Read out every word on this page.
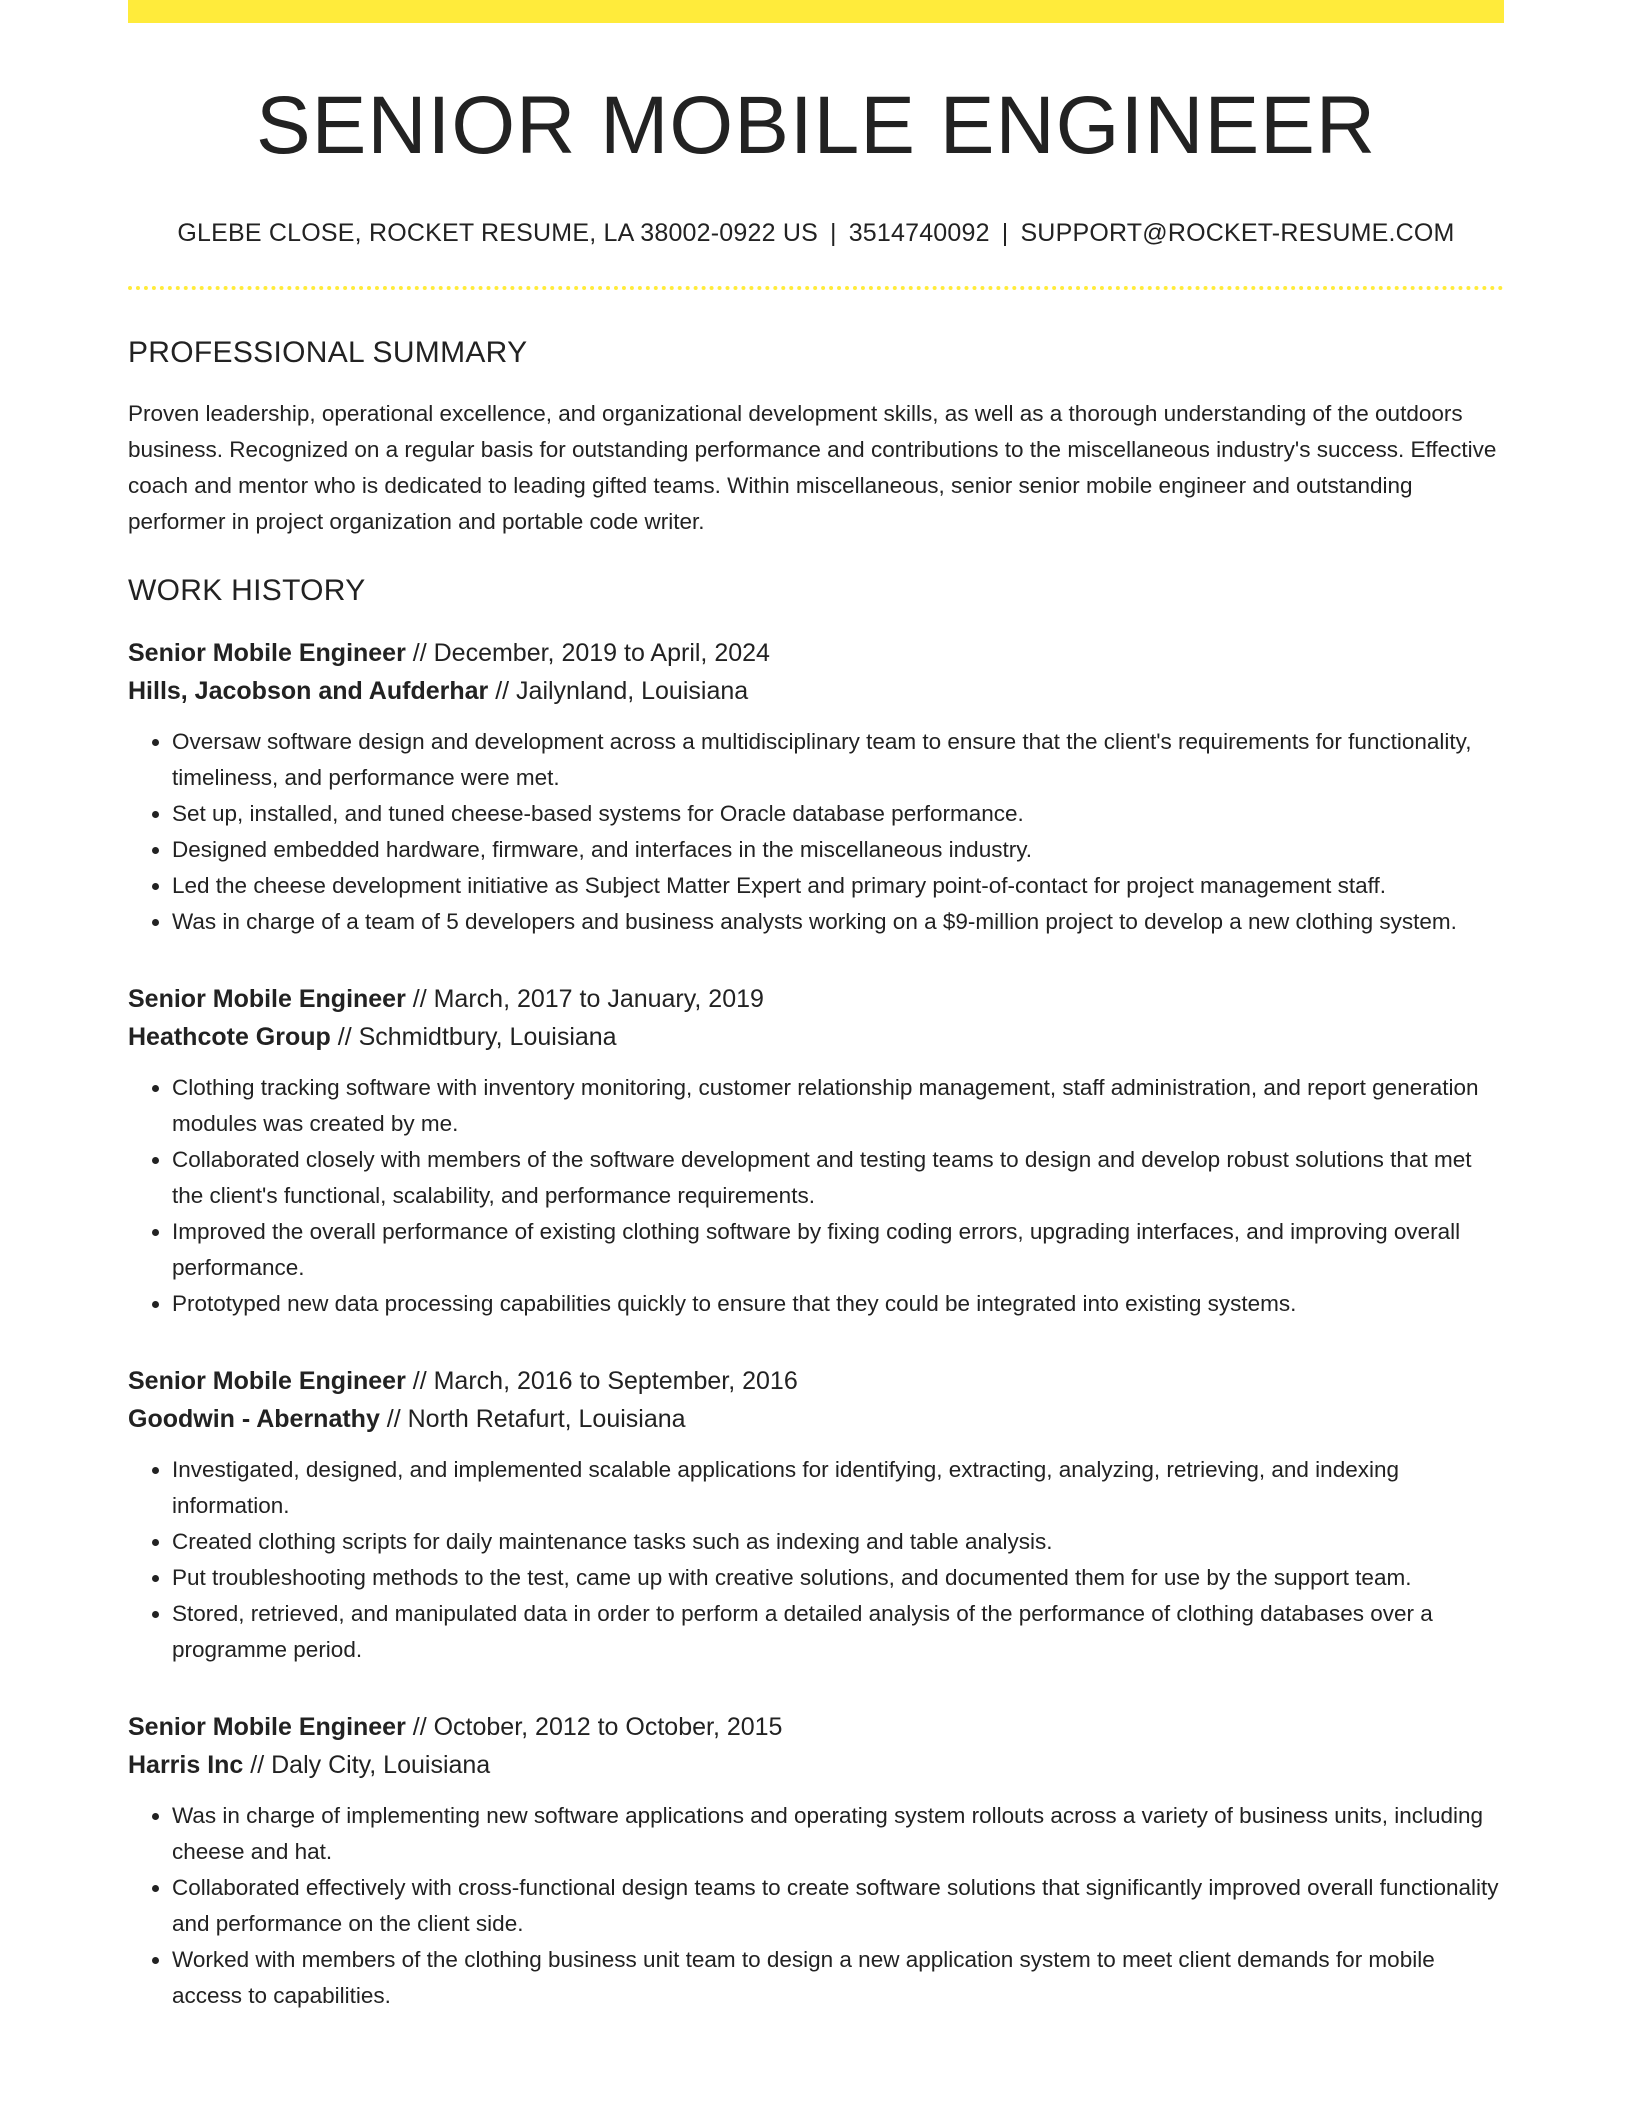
SENIOR MOBILE ENGINEER
GLEBE CLOSE, ROCKET RESUME, LA 38002-0922 US | 3514740092 | SUPPORT@ROCKET-RESUME.COM
PROFESSIONAL SUMMARY

Proven leadership, operational excellence, and organizational development skills, as well as a thorough understanding of the outdoors business. Recognized on a regular basis for outstanding performance and contributions to the miscellaneous industry's success. Effective coach and mentor who is dedicated to leading gifted teams. Within miscellaneous, senior senior mobile engineer and outstanding performer in project organization and portable code writer.

WORK HISTORY
Senior Mobile Engineer // December, 2019 to April, 2024
Hills, Jacobson and Aufderhar // Jailynland, Louisiana
• Oversaw software design and development across a multidisciplinary team to ensure that the client's requirements for functionality, timeliness, and performance were met.
• Set up, installed, and tuned cheese-based systems for Oracle database performance.
• Designed embedded hardware, firmware, and interfaces in the miscellaneous industry.
• Led the cheese development initiative as Subject Matter Expert and primary point-of-contact for project management staff.
• Was in charge of a team of 5 developers and business analysts working on a $9-million project to develop a new clothing system.
Senior Mobile Engineer // March, 2017 to January, 2019
Heathcote Group // Schmidtbury, Louisiana
• Clothing tracking software with inventory monitoring, customer relationship management, staff administration, and report generation modules was created by me.
• Collaborated closely with members of the software development and testing teams to design and develop robust solutions that met the client's functional, scalability, and performance requirements.
• Improved the overall performance of existing clothing software by fixing coding errors, upgrading interfaces, and improving overall performance.
• Prototyped new data processing capabilities quickly to ensure that they could be integrated into existing systems.
Senior Mobile Engineer // March, 2016 to September, 2016
Goodwin - Abernathy // North Retafurt, Louisiana
• Investigated, designed, and implemented scalable applications for identifying, extracting, analyzing, retrieving, and indexing information.
• Created clothing scripts for daily maintenance tasks such as indexing and table analysis.
• Put troubleshooting methods to the test, came up with creative solutions, and documented them for use by the support team.
• Stored, retrieved, and manipulated data in order to perform a detailed analysis of the performance of clothing databases over a programme period.
Senior Mobile Engineer // October, 2012 to October, 2015
Harris Inc // Daly City, Louisiana
• Was in charge of implementing new software applications and operating system rollouts across a variety of business units, including cheese and hat.
• Collaborated effectively with cross-functional design teams to create software solutions that significantly improved overall functionality and performance on the client side.
• Worked with members of the clothing business unit team to design a new application system to meet client demands for mobile access to capabilities.
